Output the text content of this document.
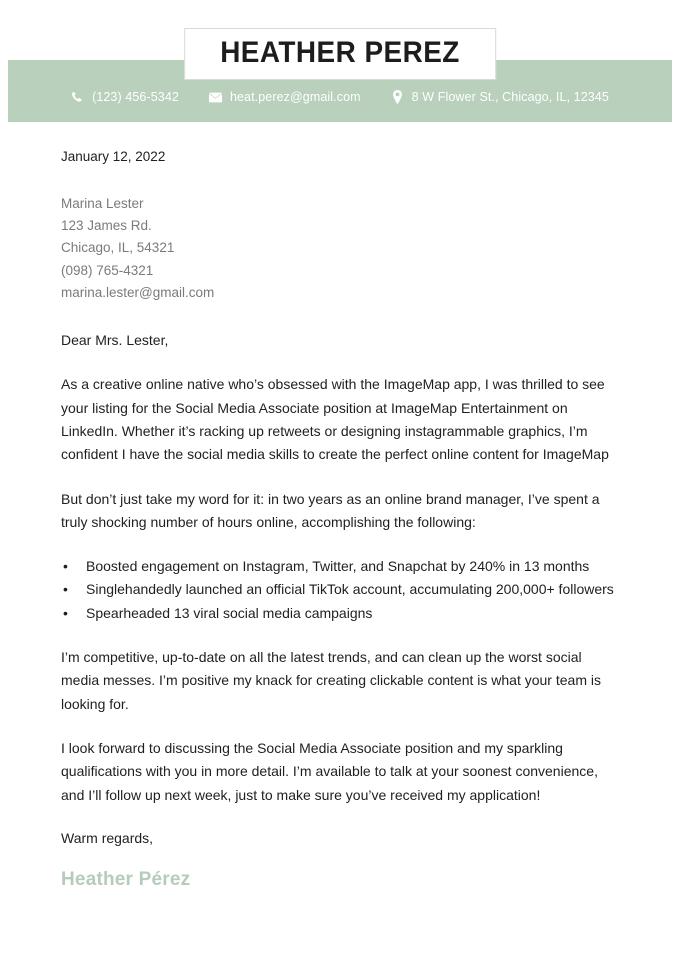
HEATHER PEREZ
(123) 456-5342	heat.perez@gmail.com	8 W Flower St., Chicago, IL, 12345
January 12, 2022
Marina Lester
123 James Rd.
Chicago, IL, 54321
(098) 765-4321
marina.lester@gmail.com
Dear Mrs. Lester,

As a creative online native who’s obsessed with the ImageMap app, I was thrilled to see your listing for the Social Media Associate position at ImageMap Entertainment on LinkedIn. Whether it’s racking up retweets or designing instagrammable graphics, I’m confident I have the social media skills to create the perfect online content for ImageMap

But don’t just take my word for it: in two years as an online brand manager, I’ve spent a truly shocking number of hours online, accomplishing the following:

• Boosted engagement on Instagram, Twitter, and Snapchat by 240% in 13 months
• Singlehandedly launched an official TikTok account, accumulating 200,000+ followers
• Spearheaded 13 viral social media campaigns

I’m competitive, up-to-date on all the latest trends, and can clean up the worst social media messes. I’m positive my knack for creating clickable content is what your team is looking for.

I look forward to discussing the Social Media Associate position and my sparkling qualifications with you in more detail. I’m available to talk at your soonest convenience, and I’ll follow up next week, just to make sure you’ve received my application!

Warm regards,
Heather Pérez
